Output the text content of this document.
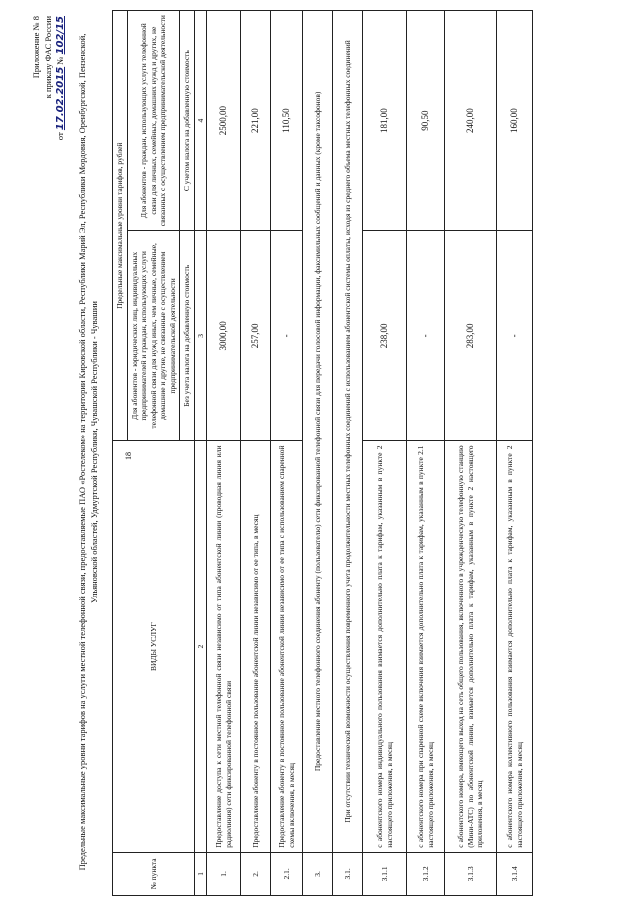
18
Приложение № 8 к приказу ФАС России
от 17.02.2015 № 102/15 Предельные максимальные уровни тарифов на услуги местной телефонной связи, предоставляемые ПАО «Ростелеком» на территории Кировской области, Республики Марий Эл, Республики Мордовия, Оренбургской, Пензенской, Ульяновской областей, Удмуртской Республики, Чувашской Республики - Чувашии
№ пункта	ВИДЫ УСЛУГ	Предельные максимальные уровни тарифов, рублей	
		Для абонентов - юридических лиц, индивидуальных предпринимателей и граждан, использующих услуги телефонной связи для нужд иных, чем личные, семейные, домашние и другие, не связанные с осуществлением предпринимательской деятельности	Для абонентов - граждан, использующих услуги телефонной связи для личных, семейных, домашних нужд и других, не связанных с осуществлением предпринимательской деятельности
		Без учета налога на добавленную стоимость	С учетом налога на добавленную стоимость
1	2	3	4
1.	Предоставление доступа к сети местной телефонной связи независимо от типа абонентской линии (проводная линия или радиолиния) сети фиксированной телефонной связи	3000,00	2500,00
2.	Предоставление абоненту в постоянное пользование абонентской линии независимо от ее типа, в месяц	257,00	221,00
2.1.	Предоставление абоненту в постоянное пользование абонентской линии независимо от ее типа с использованием спаренной схемы включения, в месяц	-	110,50
3.	Предоставление местного телефонного соединения абоненту (пользователю) сети фиксированной телефонной связи для передачи голосовой информации, факсимильных сообщений и данных (кроме таксофонов)		
3.1.	При отсутствии технической возможности осуществления повременного учета продолжительности местных телефонных соединений с использованием абонентской системы оплаты, исходя из среднего объема местных телефонных соединений		
3.1.1	с абонентского номера индивидуального пользования взимается дополнительно плата к тарифам, указанным в пункте 2 настоящего приложения, в месяц	238,00	181,00
3.1.2	с абонентского номера при спаренной схеме включения взимается дополнительно плата к тарифам, указанным в пункте 2.1 настоящего приложения, в месяц	-	90,50
3.1.3	с абонентского номера, имеющего выход на сеть общего пользования, включенного в учрежденческую телефонную станцию (Мини-АТС) по абонентской линии, взимается дополнительно плата к тарифам, указанным в пункте 2 настоящего приложения, в месяц	283,00	240,00
3.1.4	с абонентского номера коллективного пользования взимается дополнительно плата к тарифам, указанным в пункте 2 настоящего приложения, в месяц	-	160,00
